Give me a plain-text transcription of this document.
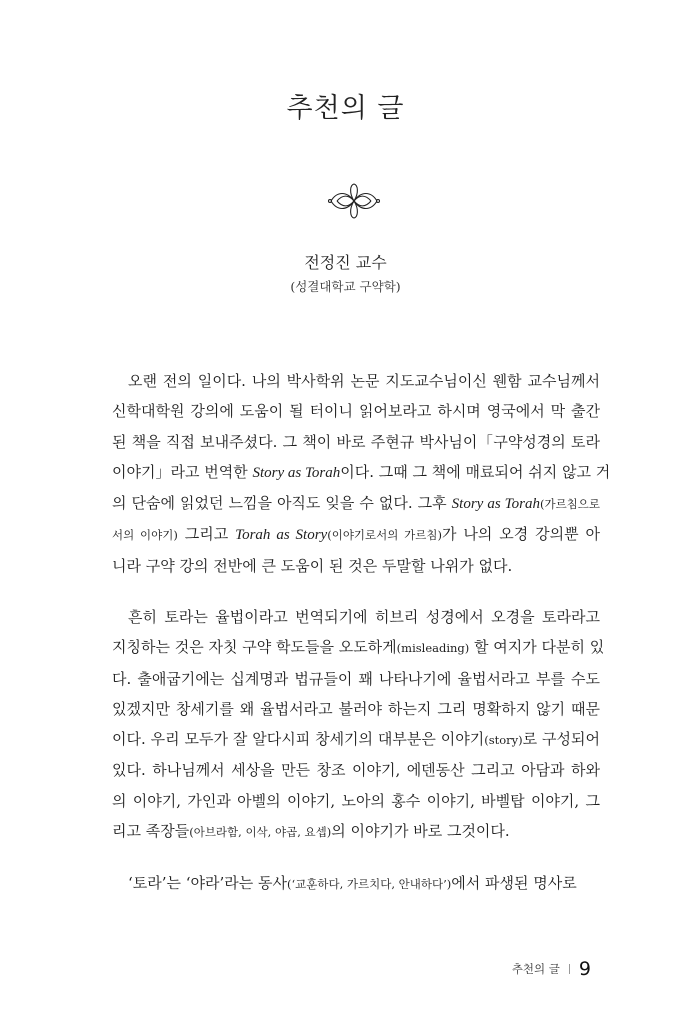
추천의 글
전정진 교수
(성결대학교 구약학)
오랜 전의 일이다. 나의 박사학위 논문 지도교수님이신 웬함 교수님께서
신학대학원 강의에 도움이 될 터이니 읽어보라고 하시며 영국에서 막 출간
된 책을 직접 보내주셨다. 그 책이 바로 주현규 박사님이「구약성경의 토라
이야기」라고 번역한 Story as Torah이다. 그때 그 책에 매료되어 쉬지 않고 거
의 단숨에 읽었던 느낌을 아직도 잊을 수 없다. 그후 Story as Torah(가르침으로
서의 이야기) 그리고 Torah as Story(이야기로서의 가르침)가 나의 오경 강의뿐 아
니라 구약 강의 전반에 큰 도움이 된 것은 두말할 나위가 없다.
흔히 토라는 율법이라고 번역되기에 히브리 성경에서 오경을 토라라고
지칭하는 것은 자칫 구약 학도들을 오도하게(misleading) 할 여지가 다분히 있
다. 출애굽기에는 십계명과 법규들이 꽤 나타나기에 율법서라고 부를 수도
있겠지만 창세기를 왜 율법서라고 불러야 하는지 그리 명확하지 않기 때문
이다. 우리 모두가 잘 알다시피 창세기의 대부분은 이야기(story)로 구성되어
있다. 하나님께서 세상을 만든 창조 이야기, 에덴동산 그리고 아담과 하와
의 이야기, 가인과 아벨의 이야기, 노아의 홍수 이야기, 바벨탑 이야기, 그
리고 족장들(아브라함, 이삭, 야곱, 요셉)의 이야기가 바로 그것이다.
‘토라’는 ‘야라’라는 동사(‘교훈하다, 가르치다, 안내하다’)에서 파생된 명사로
추천의 글 9
